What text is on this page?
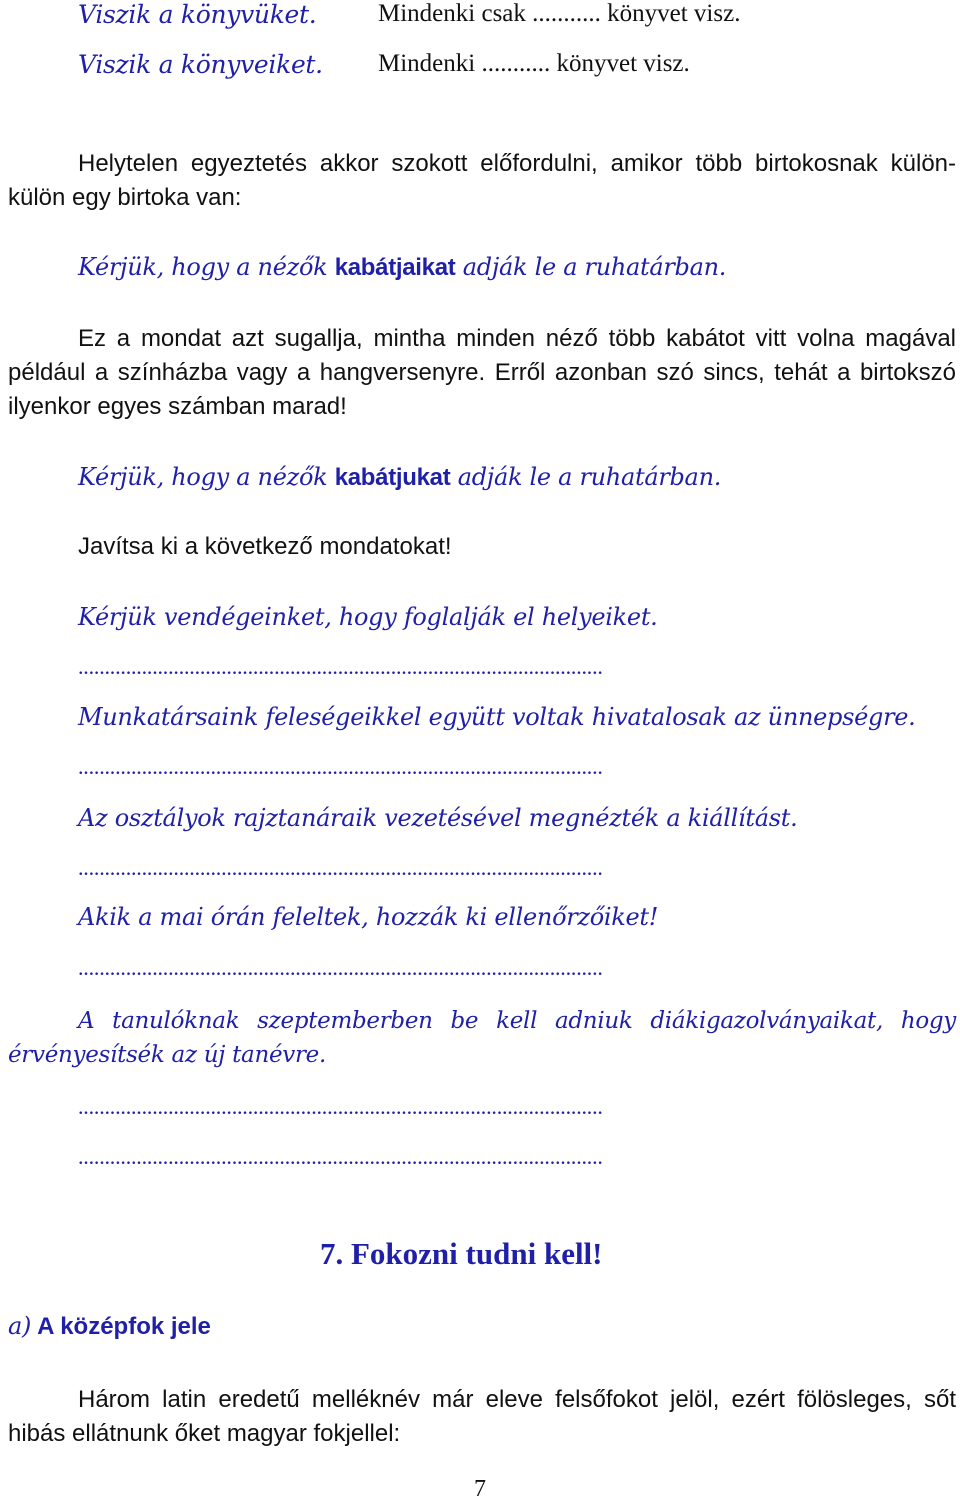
Viszik a könyvüket. Mindenki csak ........... könyvet visz.
Viszik a könyveiket. Mindenki ........... könyvet visz.
Helytelen egyeztetés akkor szokott előfordulni, amikor több birtokosnak külön-külön egy birtoka van:
Kérjük, hogy a nézők kabátjaikat adják le a ruhatárban.
Ez a mondat azt sugallja, mintha minden néző több kabátot vitt volna magával például a színházba vagy a hangversenyre. Erről azonban szó sincs, tehát a birtokszó ilyenkor egyes számban marad!
Kérjük, hogy a nézők kabátjukat adják le a ruhatárban.
Javítsa ki a következő mondatokat!
Kérjük vendégeinket, hogy foglalják el helyeiket.
...................................................................................................
Munkatársaink feleségeikkel együtt voltak hivatalosak az ünnepségre.
...................................................................................................
Az osztályok rajztanáraik vezetésével megnézték a kiállítást.
...................................................................................................
Akik a mai órán feleltek, hozzák ki ellenőrzőiket!
...................................................................................................
A tanulóknak szeptemberben be kell adniuk diákigazolványaikat, hogy érvényesítsék az új tanévre.
...................................................................................................
...................................................................................................
7. Fokozni tudni kell!
a) A középfok jele
Három latin eredetű melléknév már eleve felsőfokot jelöl, ezért fölösleges, sőt hibás ellátnunk őket magyar fokjellel:
7
